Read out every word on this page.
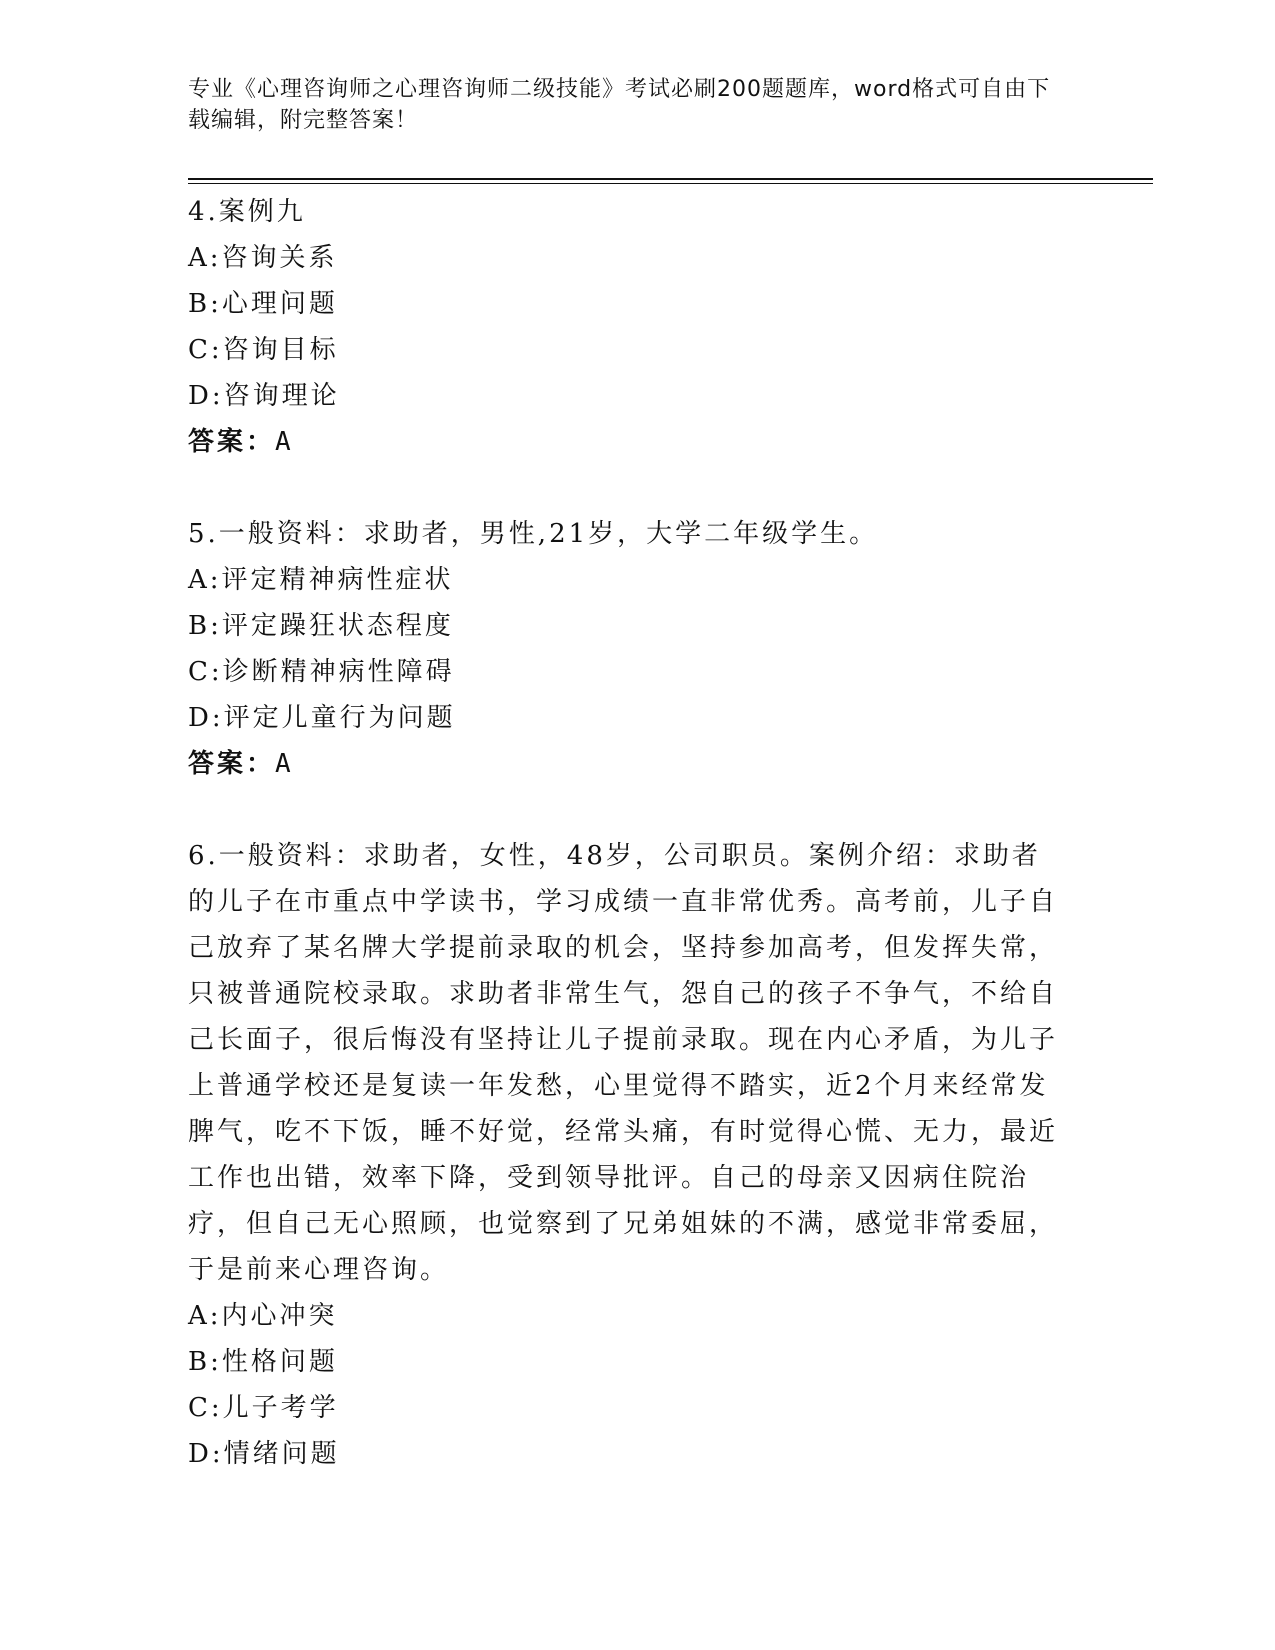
专业《心理咨询师之心理咨询师二级技能》考试必刷200题题库，word格式可自由下载编辑，附完整答案！
4.案例九
A:咨询关系
B:心理问题
C:咨询目标
D:咨询理论
答案：A
5.一般资料：求助者，男性,21岁，大学二年级学生。
A:评定精神病性症状
B:评定躁狂状态程度
C:诊断精神病性障碍
D:评定儿童行为问题
答案：A
6.一般资料：求助者，女性，48岁，公司职员。案例介绍：求助者的儿子在市重点中学读书，学习成绩一直非常优秀。高考前，儿子自己放弃了某名牌大学提前录取的机会，坚持参加高考，但发挥失常，只被普通院校录取。求助者非常生气，怨自己的孩子不争气，不给自己长面子，很后悔没有坚持让儿子提前录取。现在内心矛盾，为儿子上普通学校还是复读一年发愁，心里觉得不踏实，近2个月来经常发脾气，吃不下饭，睡不好觉，经常头痛，有时觉得心慌、无力，最近工作也出错，效率下降，受到领导批评。自己的母亲又因病住院治疗，但自己无心照顾，也觉察到了兄弟姐妹的不满，感觉非常委屈，于是前来心理咨询。
A:内心冲突
B:性格问题
C:儿子考学
D:情绪问题
